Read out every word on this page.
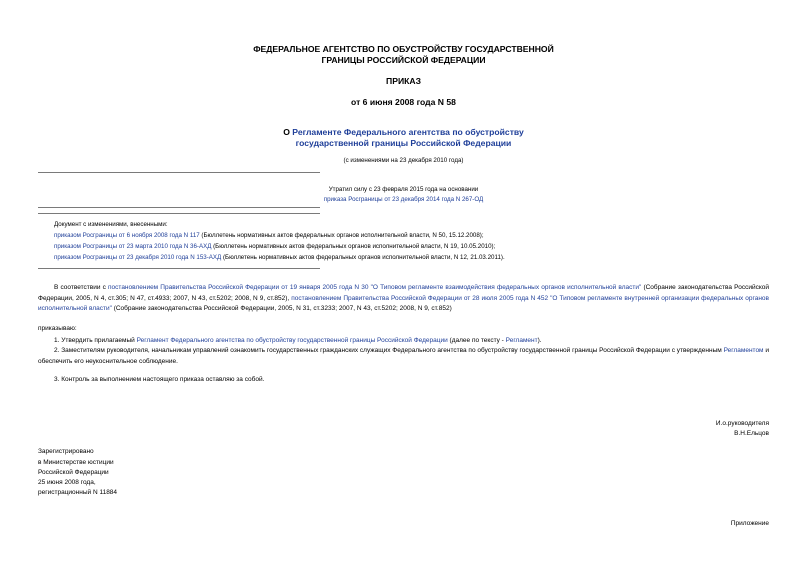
ФЕДЕРАЛЬНОЕ АГЕНТСТВО ПО ОБУСТРОЙСТВУ ГОСУДАРСТВЕННОЙ
ГРАНИЦЫ РОССИЙСКОЙ ФЕДЕРАЦИИ
ПРИКАЗ
от 6 июня 2008 года N 58
О Регламенте Федерального агентства по обустройству
государственной границы Российской Федерации
(с изменениями на 23 декабря 2010 года)
Утратил силу с 23 февраля 2015 года на основании
приказа Росграницы от 23 декабря 2014 года N 267-ОД
Документ с изменениями, внесенными:
приказом Росграницы от 6 ноября 2008 года N 117 (Бюллетень нормативных актов федеральных органов исполнительной власти, N 50, 15.12.2008);
приказом Росграницы от 23 марта 2010 года N 36-АХД (Бюллетень нормативных актов федеральных органов исполнительной власти, N 19, 10.05.2010);
приказом Росграницы от 23 декабря 2010 года N 153-АХД (Бюллетень нормативных актов федеральных органов исполнительной власти, N 12, 21.03.2011).
В соответствии с постановлением Правительства Российской Федерации от 19 января 2005 года N 30 "О Типовом регламенте взаимодействия федеральных органов исполнительной власти" (Собрание законодательства Российской Федерации, 2005, N 4, ст.305; N 47, ст.4933; 2007, N 43, ст.5202; 2008, N 9, ст.852), постановлением Правительства Российской Федерации от 28 июля 2005 года N 452 "О Типовом регламенте внутренней организации федеральных органов исполнительной власти" (Собрание законодательства Российской Федерации, 2005, N 31, ст.3233; 2007, N 43, ст.5202; 2008, N 9, ст.852)
приказываю:
1. Утвердить прилагаемый Регламент Федерального агентства по обустройству государственной границы Российской Федерации (далее по тексту - Регламент).
2. Заместителям руководителя, начальникам управлений ознакомить государственных гражданских служащих Федерального агентства по обустройству государственной границы Российской Федерации с утвержденным Регламентом и обеспечить его неукоснительное соблюдение.
3. Контроль за выполнением настоящего приказа оставляю за собой.
И.о.руководителя
В.Н.Ельцов
Зарегистрировано
в Министерстве юстиции
Российской Федерации
25 июня 2008 года,
регистрационный N 11884
Приложение
